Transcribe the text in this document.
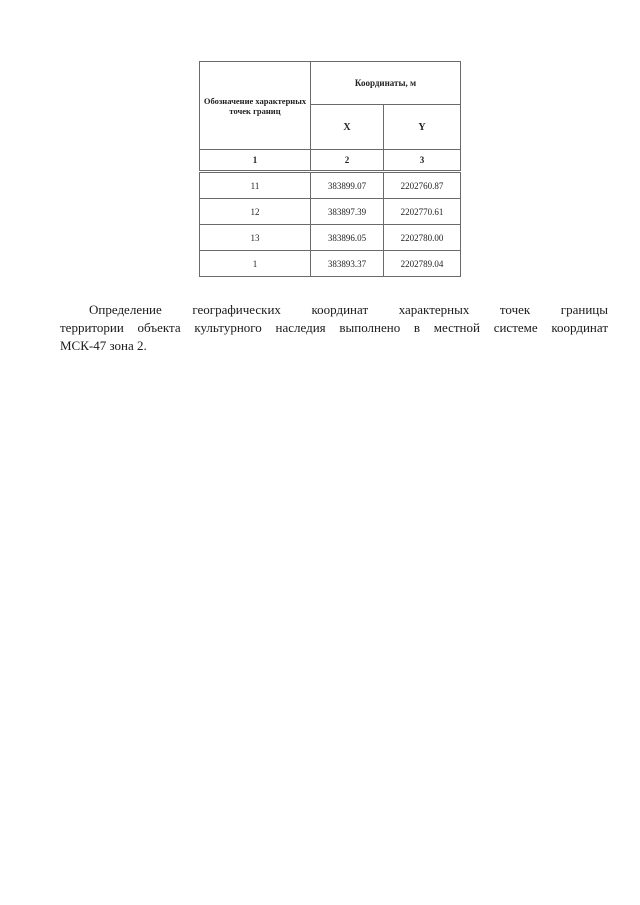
Обозначение характерных точек границ	Координаты, м	
	X	Y
1	2	3
11	383899.07	2202760.87
12	383897.39	2202770.61
13	383896.05	2202780.00
1	383893.37	2202789.04
Определение географических координат характерных точек границы
территории объекта культурного наследия выполнено в местной системе координат
МСК-47 зона 2.
